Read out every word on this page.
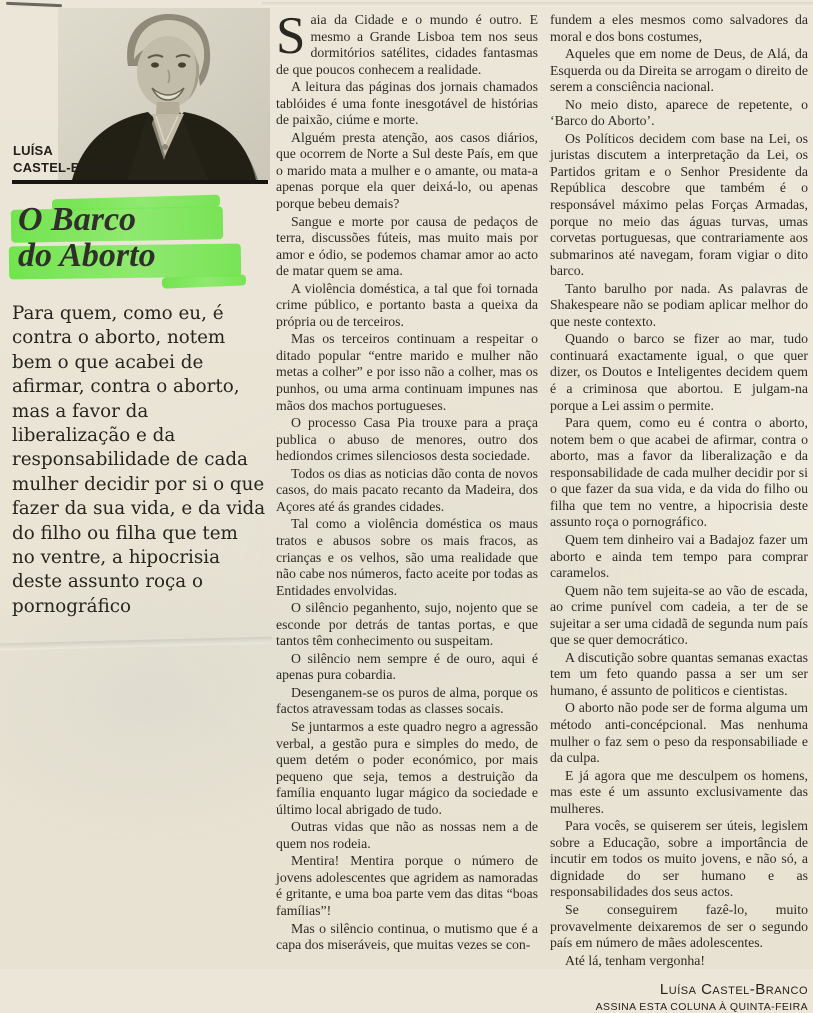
LUÍSA
CASTEL-BRANCO
O Barco
do Aborto
Para quem, como eu, é contra o aborto, notem bem o que acabei de afirmar, contra o aborto, mas a favor da liberalização e da responsabilidade de cada mulher decidir por si o que fazer da sua vida, e da vida do filho ou filha que tem no ventre, a hipocrisia deste assunto roça o pornográfico

Saia da Cidade e o mundo é outro. E mesmo a Grande Lisboa tem nos seus dormitórios satélites, cidades fantasmas de que poucos conhecem a realidade.

A leitura das páginas dos jornais chamados tablóides é uma fonte inesgotável de histórias de paixão, ciúme e morte.

Alguém presta atenção, aos casos diários, que ocorrem de Norte a Sul deste País, em que o marido mata a mulher e o amante, ou mata-a apenas porque ela quer deixá-lo, ou apenas porque bebeu demais?

Sangue e morte por causa de pedaços de terra, discussões fúteis, mas muito mais por amor e ódio, se podemos chamar amor ao acto de matar quem se ama.

A violência doméstica, a tal que foi tornada crime público, e portanto basta a queixa da própria ou de terceiros.

Mas os terceiros continuam a respeitar o ditado popular “entre marido e mulher não metas a colher” e por isso não a colher, mas os punhos, ou uma arma continuam impunes nas mãos dos machos portugueses.

O processo Casa Pia trouxe para a praça publica o abuso de menores, outro dos hediondos crimes silenciosos desta sociedade.

Todos os dias as noticias dão conta de novos casos, do mais pacato recanto da Madeira, dos Açores até ás grandes cidades.

Tal como a violência doméstica os maus tratos e abusos sobre os mais fracos, as crianças e os velhos, são uma realidade que não cabe nos números, facto aceite por todas as Entidades envolvidas.

O silêncio peganhento, sujo, nojento que se esconde por detrás de tantas portas, e que tantos têm conhecimento ou suspeitam.

O silêncio nem sempre é de ouro, aqui é apenas pura cobardia.

Desenganem-se os puros de alma, porque os factos atravessam todas as classes socais.

Se juntarmos a este quadro negro a agressão verbal, a gestão pura e simples do medo, de quem detém o poder económico, por mais pequeno que seja, temos a destruição da família enquanto lugar mágico da sociedade e último local abrigado de tudo.

Outras vidas que não as nossas nem a de quem nos rodeia.

Mentira! Mentira porque o número de jovens adolescentes que agridem as namoradas é gritante, e uma boa parte vem das ditas “boas famílias”!

Mas o silêncio continua, o mutismo que é a capa dos miseráveis, que muitas vezes se con-

fundem a eles mesmos como salvadores da moral e dos bons costumes,

Aqueles que em nome de Deus, de Alá, da Esquerda ou da Direita se arrogam o direito de serem a consciência nacional.

No meio disto, aparece de repetente, o ‘Barco do Aborto’.

Os Políticos decidem com base na Lei, os juristas discutem a interpretação da Lei, os Partidos gritam e o Senhor Presidente da República descobre que também é o responsável máximo pelas Forças Armadas, porque no meio das águas turvas, umas corvetas portuguesas, que contrariamente aos submarinos até navegam, foram vigiar o dito barco.

Tanto barulho por nada. As palavras de Shakespeare não se podiam aplicar melhor do que neste contexto.

Quando o barco se fizer ao mar, tudo continuará exactamente igual, o que quer dizer, os Doutos e Inteligentes decidem quem é a criminosa que abortou. E julgam-na porque a Lei assim o permite.

Para quem, como eu é contra o aborto, notem bem o que acabei de afirmar, contra o aborto, mas a favor da liberalização e da responsabilidade de cada mulher decidir por si o que fazer da sua vida, e da vida do filho ou filha que tem no ventre, a hipocrisia deste assunto roça o pornográfico.

Quem tem dinheiro vai a Badajoz fazer um aborto e ainda tem tempo para comprar caramelos.

Quem não tem sujeita-se ao vão de escada, ao crime punível com cadeia, a ter de se sujeitar a ser uma cidadã de segunda num país que se quer democrático.

A discutição sobre quantas semanas exactas tem um feto quando passa a ser um ser humano, é assunto de politicos e cientistas.

O aborto não pode ser de forma alguma um método anti-concépcional. Mas nenhuma mulher o faz sem o peso da responsabiliade e da culpa.

E já agora que me desculpem os homens, mas este é um assunto exclusivamente das mulheres.

Para vocês, se quiserem ser úteis, legislem sobre a Educação, sobre a importância de incutir em todos os muito jovens, e não só, a dignidade do ser humano e as responsabilidades dos seus actos.

Se conseguirem fazê-lo, muito provavelmente deixaremos de ser o segundo país em número de mães adolescentes.

Até lá, tenham vergonha!

Luísa Castel-Branco
ASSINA ESTA COLUNA À QUINTA-FEIRA
